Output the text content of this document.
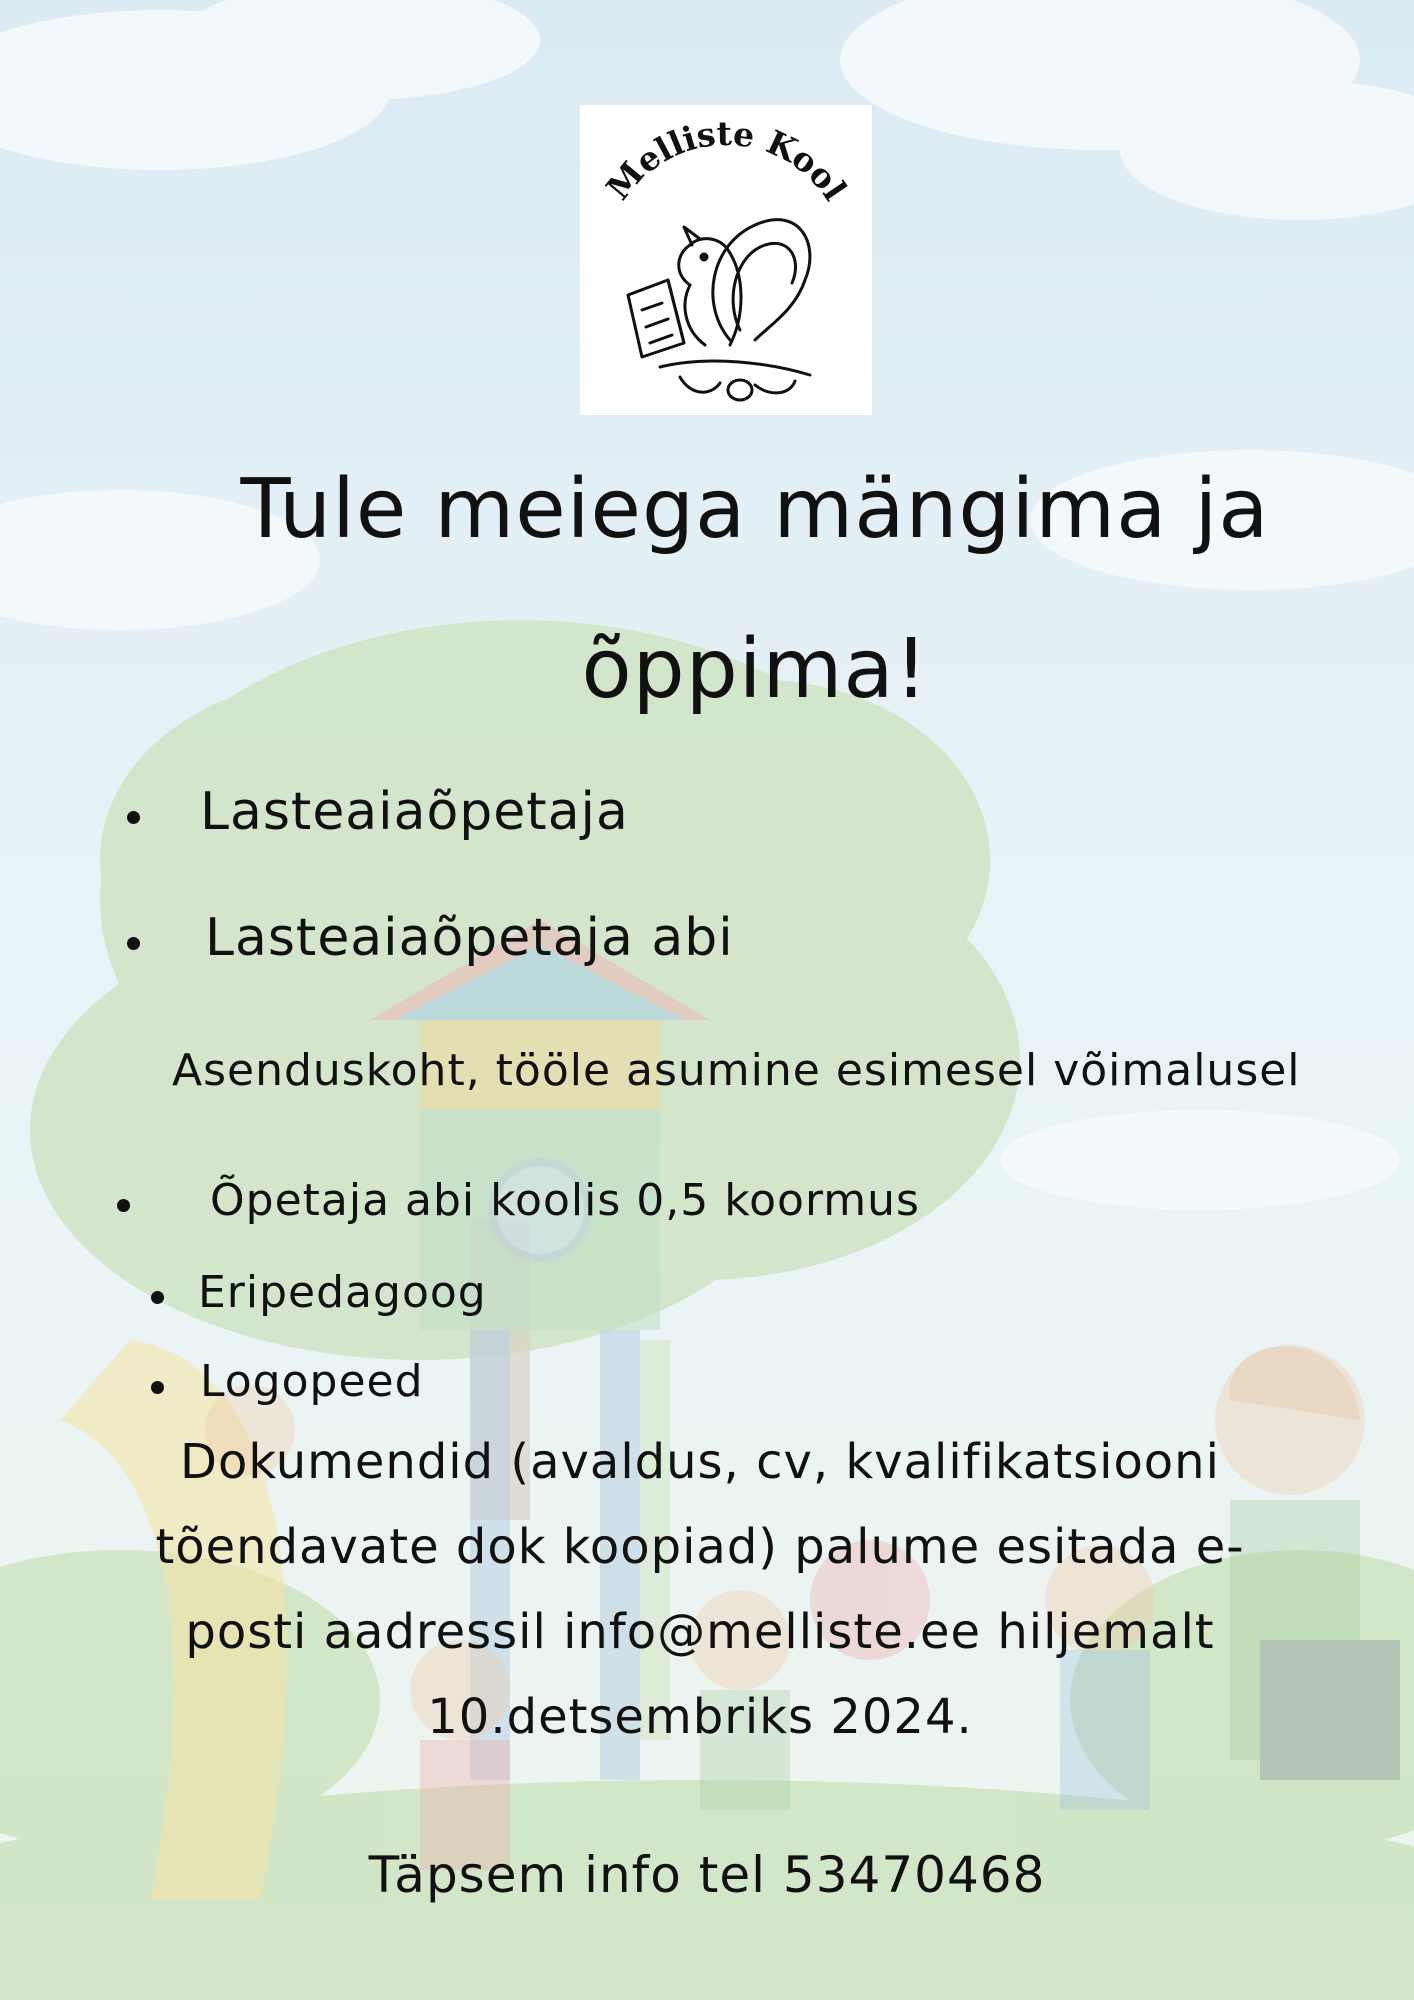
Melliste Kool
Tule meiega mängima ja
õppima!
Lasteaiaõpetaja
Lasteaiaõpetaja abi
Asenduskoht, tööle asumine esimesel võimalusel
Õpetaja abi koolis 0,5 koormus
Eripedagoog
Logopeed
Dokumendid (avaldus, cv, kvalifikatsiooni
tõendavate dok koopiad) palume esitada e-
posti aadressil info@melliste.ee hiljemalt
10.detsembriks 2024.
Täpsem info tel 53470468
